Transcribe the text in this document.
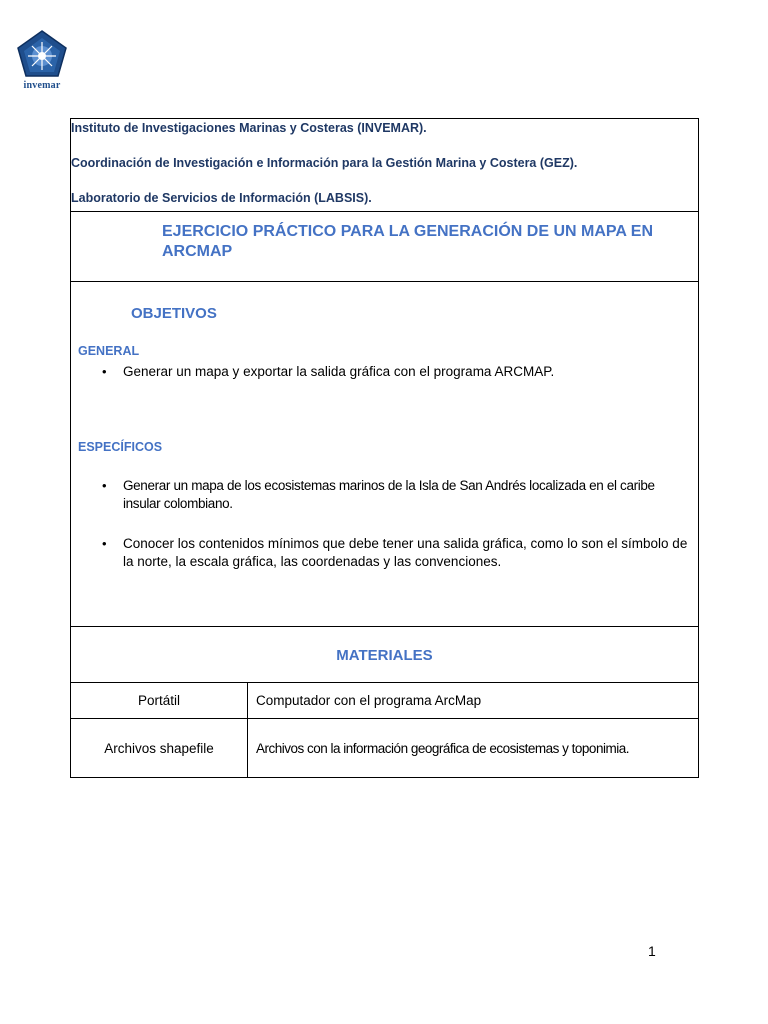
invemar
Instituto de Investigaciones Marinas y Costeras (INVEMAR).
Coordinación de Investigación e Información para la Gestión Marina y Costera (GEZ).
Laboratorio de Servicios de Información (LABSIS).
EJERCICIO PRÁCTICO PARA LA GENERACIÓN DE UN MAPA EN ARCMAP
OBJETIVOS
GENERAL
• Generar un mapa y exportar la salida gráfica con el programa ARCMAP.
ESPECÍFICOS
• Generar un mapa de los ecosistemas marinos de la Isla de San Andrés localizada en el caribe insular colombiano.
• Conocer los contenidos mínimos que debe tener una salida gráfica, como lo son el símbolo de la norte, la escala gráfica, las coordenadas y las convenciones.
MATERIALES
Portátil	Computador con el programa ArcMap
Archivos shapefile	Archivos con la información geográfica de ecosistemas y toponimia.
1
